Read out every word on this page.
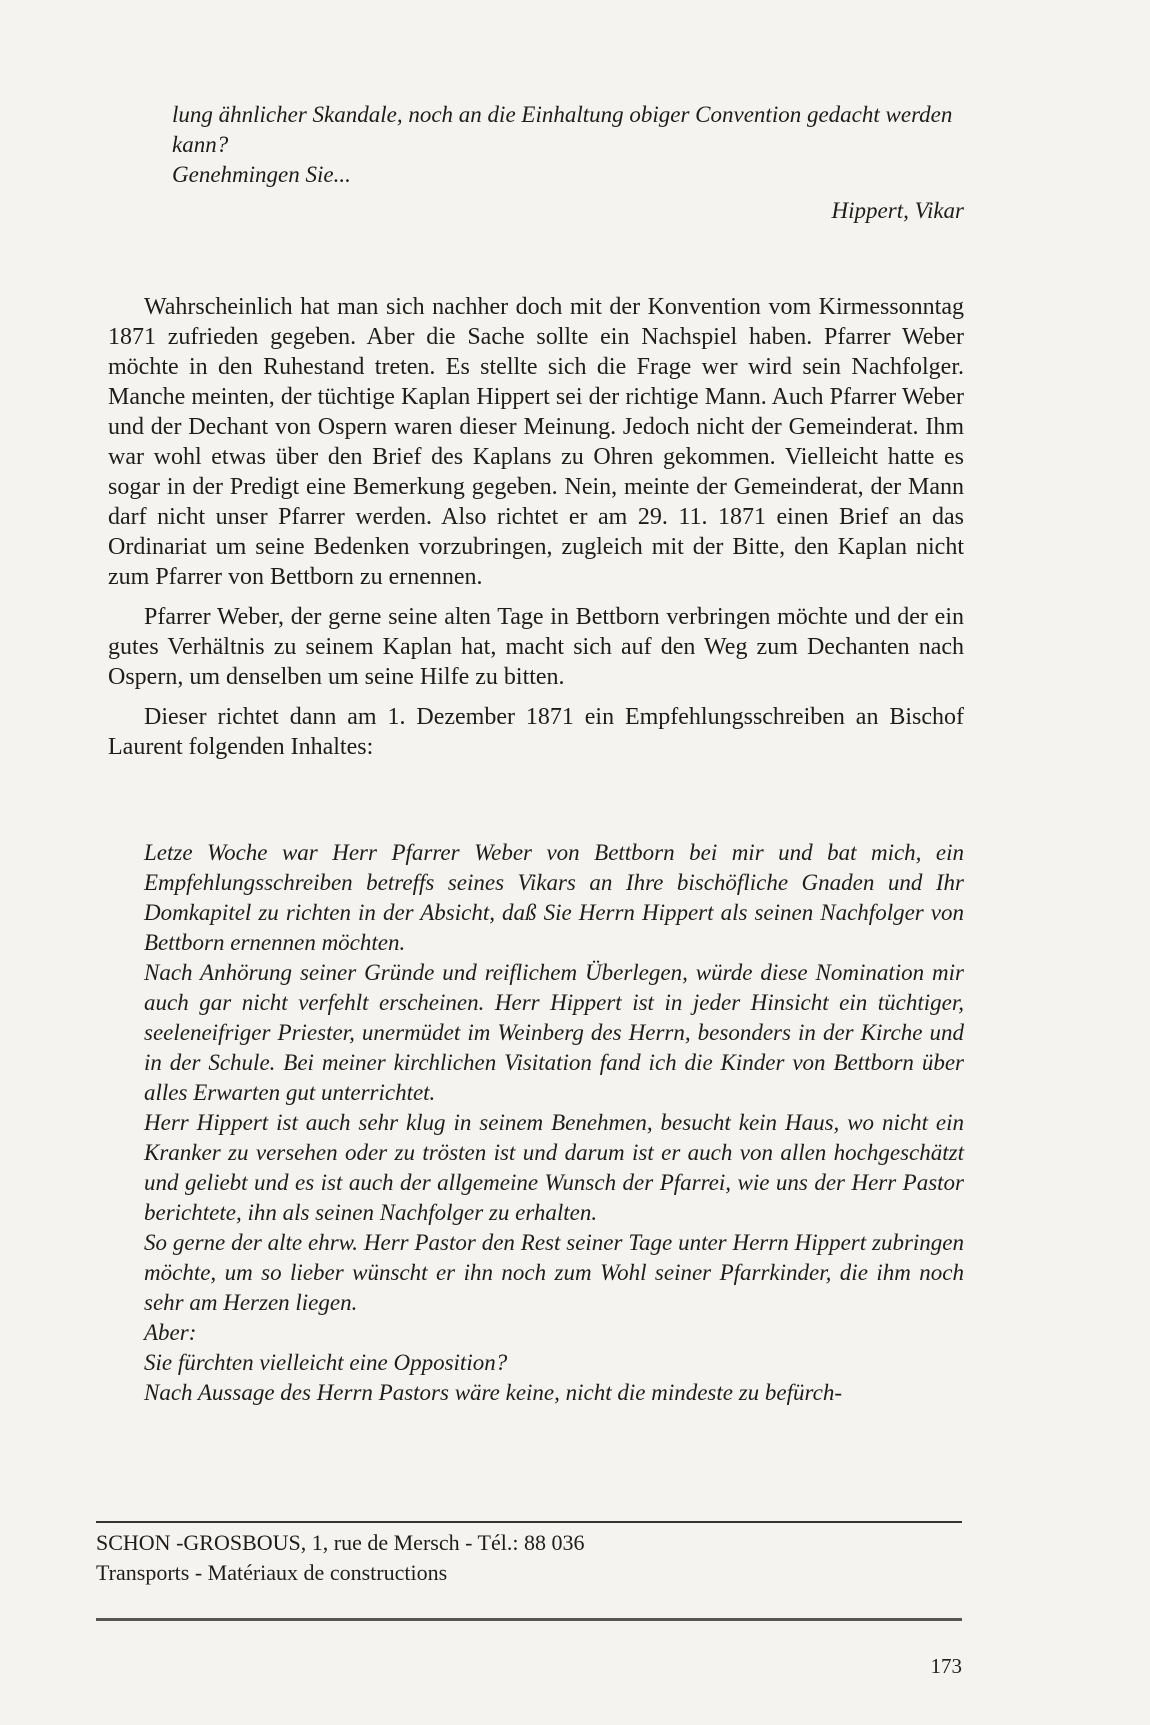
lung ähnlicher Skandale, noch an die Einhaltung obiger Convention gedacht werden kann?

Genehmingen Sie...

Hippert, Vikar

Wahrscheinlich hat man sich nachher doch mit der Konvention vom Kirmessonntag 1871 zufrieden gegeben. Aber die Sache sollte ein Nachspiel haben. Pfarrer Weber möchte in den Ruhestand treten. Es stellte sich die Frage wer wird sein Nachfolger. Manche meinten, der tüchtige Kaplan Hippert sei der richtige Mann. Auch Pfarrer Weber und der Dechant von Ospern waren dieser Meinung. Jedoch nicht der Gemeinderat. Ihm war wohl etwas über den Brief des Kaplans zu Ohren gekommen. Vielleicht hatte es sogar in der Predigt eine Bemerkung gegeben. Nein, meinte der Gemeinderat, der Mann darf nicht unser Pfarrer werden. Also richtet er am 29. 11. 1871 einen Brief an das Ordinariat um seine Bedenken vorzubringen, zugleich mit der Bitte, den Kaplan nicht zum Pfarrer von Bettborn zu ernennen.

Pfarrer Weber, der gerne seine alten Tage in Bettborn verbringen möchte und der ein gutes Verhältnis zu seinem Kaplan hat, macht sich auf den Weg zum Dechanten nach Ospern, um denselben um seine Hilfe zu bitten.

Dieser richtet dann am 1. Dezember 1871 ein Empfehlungsschreiben an Bischof Laurent folgenden Inhaltes:

Letze Woche war Herr Pfarrer Weber von Bettborn bei mir und bat mich, ein Empfehlungsschreiben betreffs seines Vikars an Ihre bischöfliche Gnaden und Ihr Domkapitel zu richten in der Absicht, daß Sie Herrn Hippert als seinen Nachfolger von Bettborn ernennen möchten.

Nach Anhörung seiner Gründe und reiflichem Überlegen, würde diese Nomination mir auch gar nicht verfehlt erscheinen. Herr Hippert ist in jeder Hinsicht ein tüchtiger, seeleneifriger Priester, unermüdet im Weinberg des Herrn, besonders in der Kirche und in der Schule. Bei meiner kirchlichen Visitation fand ich die Kinder von Bettborn über alles Erwarten gut unterrichtet.

Herr Hippert ist auch sehr klug in seinem Benehmen, besucht kein Haus, wo nicht ein Kranker zu versehen oder zu trösten ist und darum ist er auch von allen hochgeschätzt und geliebt und es ist auch der allgemeine Wunsch der Pfarrei, wie uns der Herr Pastor berichtete, ihn als seinen Nachfolger zu erhalten.

So gerne der alte ehrw. Herr Pastor den Rest seiner Tage unter Herrn Hippert zubringen möchte, um so lieber wünscht er ihn noch zum Wohl seiner Pfarrkinder, die ihm noch sehr am Herzen liegen.

Aber:

Sie fürchten vielleicht eine Opposition?

Nach Aussage des Herrn Pastors wäre keine, nicht die mindeste zu befürch-

SCHON -GROSBOUS, 1, rue de Mersch - Tél.: 88 036
Transports - Matériaux de constructions
173
